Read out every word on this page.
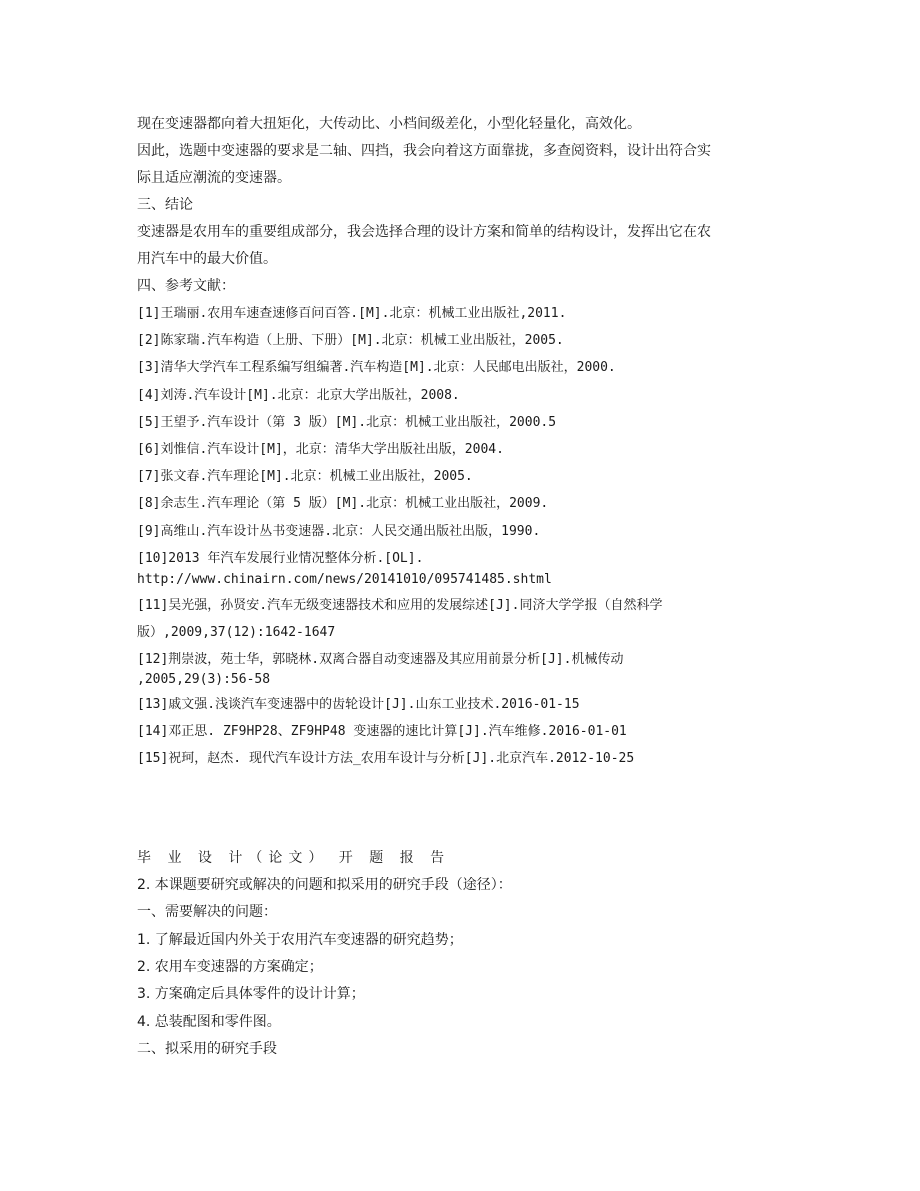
现在变速器都向着大扭矩化，大传动比、小档间级差化，小型化轻量化，高效化。
因此，选题中变速器的要求是二轴、四挡，我会向着这方面靠拢，多查阅资料，设计出符合实
际且适应潮流的变速器。
三、结论
变速器是农用车的重要组成部分，我会选择合理的设计方案和简单的结构设计，发挥出它在农
用汽车中的最大价值。
四、参考文献：
[1]王瑞丽.农用车速查速修百问百答.[M].北京：机械工业出版社,2011.
[2]陈家瑞.汽车构造（上册、下册）[M].北京：机械工业出版社，2005.
[3]清华大学汽车工程系编写组编著.汽车构造[M].北京：人民邮电出版社，2000.
[4]刘涛.汽车设计[M].北京：北京大学出版社，2008.
[5]王望予.汽车设计（第 3 版）[M].北京：机械工业出版社，2000.5
[6]刘惟信.汽车设计[M]，北京：清华大学出版社出版，2004.
[7]张文春.汽车理论[M].北京：机械工业出版社，2005.
[8]余志生.汽车理论（第 5 版）[M].北京：机械工业出版社，2009.
[9]高维山.汽车设计丛书变速器.北京：人民交通出版社出版，1990.
[10]2013 年汽车发展行业情况整体分析.[OL].
http://www.chinairn.com/news/20141010/095741485.shtml
[11]吴光强，孙贤安.汽车无级变速器技术和应用的发展综述[J].同济大学学报（自然科学
版）,2009,37(12):1642-1647
[12]荆崇波，苑士华，郭晓林.双离合器自动变速器及其应用前景分析[J].机械传动
,2005,29(3):56-58
[13]戚文强.浅谈汽车变速器中的齿轮设计[J].山东工业技术.2016-01-15
[14]邓正思. ZF9HP28、ZF9HP48 变速器的速比计算[J].汽车维修.2016-01-01
[15]祝珂，赵杰. 现代汽车设计方法_农用车设计与分析[J].北京汽车.2012-10-25
毕 业 设 计（论文） 开 题 报 告
2. 本课题要研究或解决的问题和拟采用的研究手段（途径）：
一、需要解决的问题：
1. 了解最近国内外关于农用汽车变速器的研究趋势；
2. 农用车变速器的方案确定；
3. 方案确定后具体零件的设计计算；
4. 总装配图和零件图。
二、拟采用的研究手段
